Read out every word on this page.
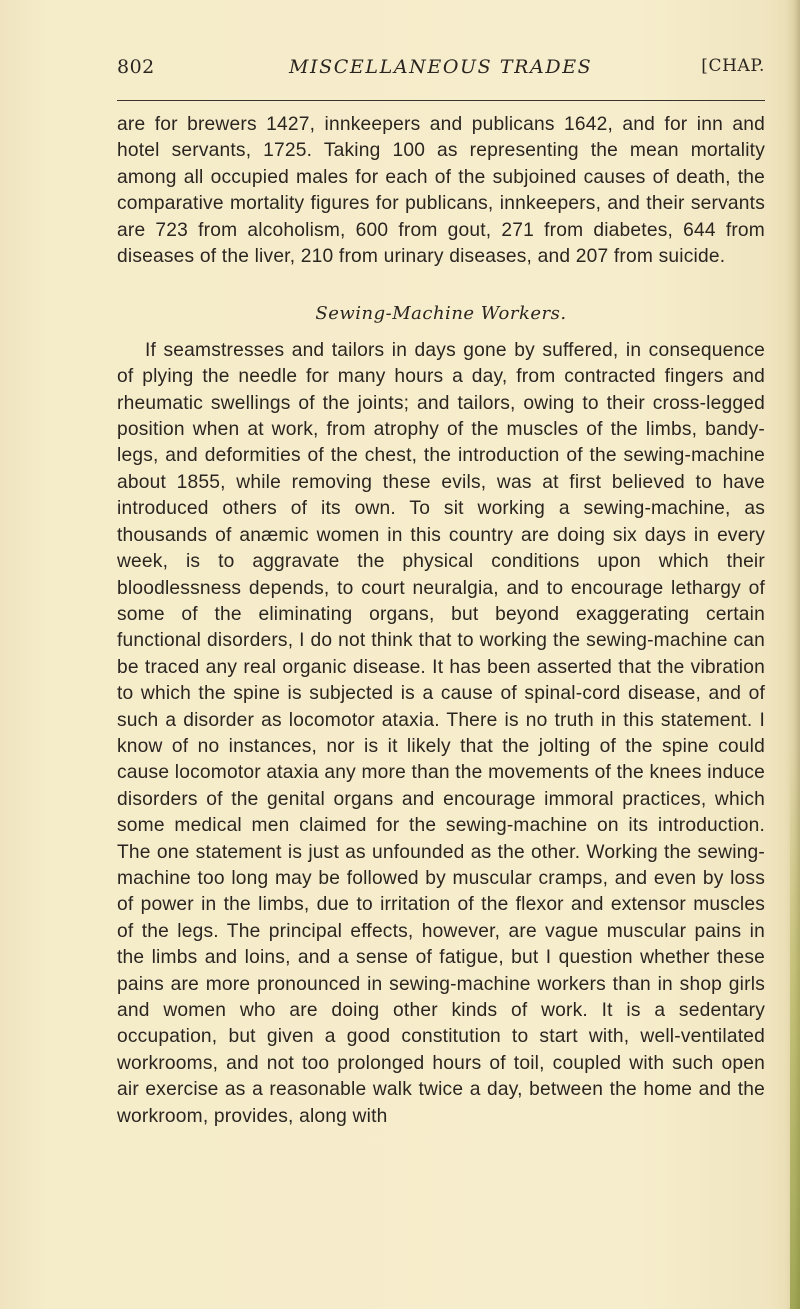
802	MISCELLANEOUS TRADES	[CHAP.

are for brewers 1427, innkeepers and publicans 1642, and for inn and hotel servants, 1725. Taking 100 as representing the mean mortality among all occupied males for each of the subjoined causes of death, the comparative mortality figures for publicans, innkeepers, and their servants are 723 from alcoholism, 600 from gout, 271 from diabetes, 644 from diseases of the liver, 210 from urinary diseases, and 207 from suicide.

Sewing-Machine Workers.

If seamstresses and tailors in days gone by suffered, in consequence of plying the needle for many hours a day, from contracted fingers and rheumatic swellings of the joints; and tailors, owing to their cross-legged position when at work, from atrophy of the muscles of the limbs, bandy-legs, and deformities of the chest, the introduction of the sewing-machine about 1855, while removing these evils, was at first believed to have introduced others of its own. To sit working a sewing-machine, as thousands of anæmic women in this country are doing six days in every week, is to aggravate the physical conditions upon which their bloodlessness depends, to court neuralgia, and to encourage lethargy of some of the eliminating organs, but beyond exaggerating certain functional disorders, I do not think that to working the sewing-machine can be traced any real organic disease. It has been asserted that the vibration to which the spine is subjected is a cause of spinal-cord disease, and of such a disorder as locomotor ataxia. There is no truth in this statement. I know of no instances, nor is it likely that the jolting of the spine could cause locomotor ataxia any more than the movements of the knees induce disorders of the genital organs and encourage immoral practices, which some medical men claimed for the sewing-machine on its introduction. The one statement is just as unfounded as the other. Working the sewing-machine too long may be followed by muscular cramps, and even by loss of power in the limbs, due to irritation of the flexor and extensor muscles of the legs. The principal effects, however, are vague muscular pains in the limbs and loins, and a sense of fatigue, but I question whether these pains are more pronounced in sewing-machine workers than in shop girls and women who are doing other kinds of work. It is a sedentary occupation, but given a good constitution to start with, well-ventilated workrooms, and not too prolonged hours of toil, coupled with such open air exercise as a reasonable walk twice a day, between the home and the workroom, provides, along with
